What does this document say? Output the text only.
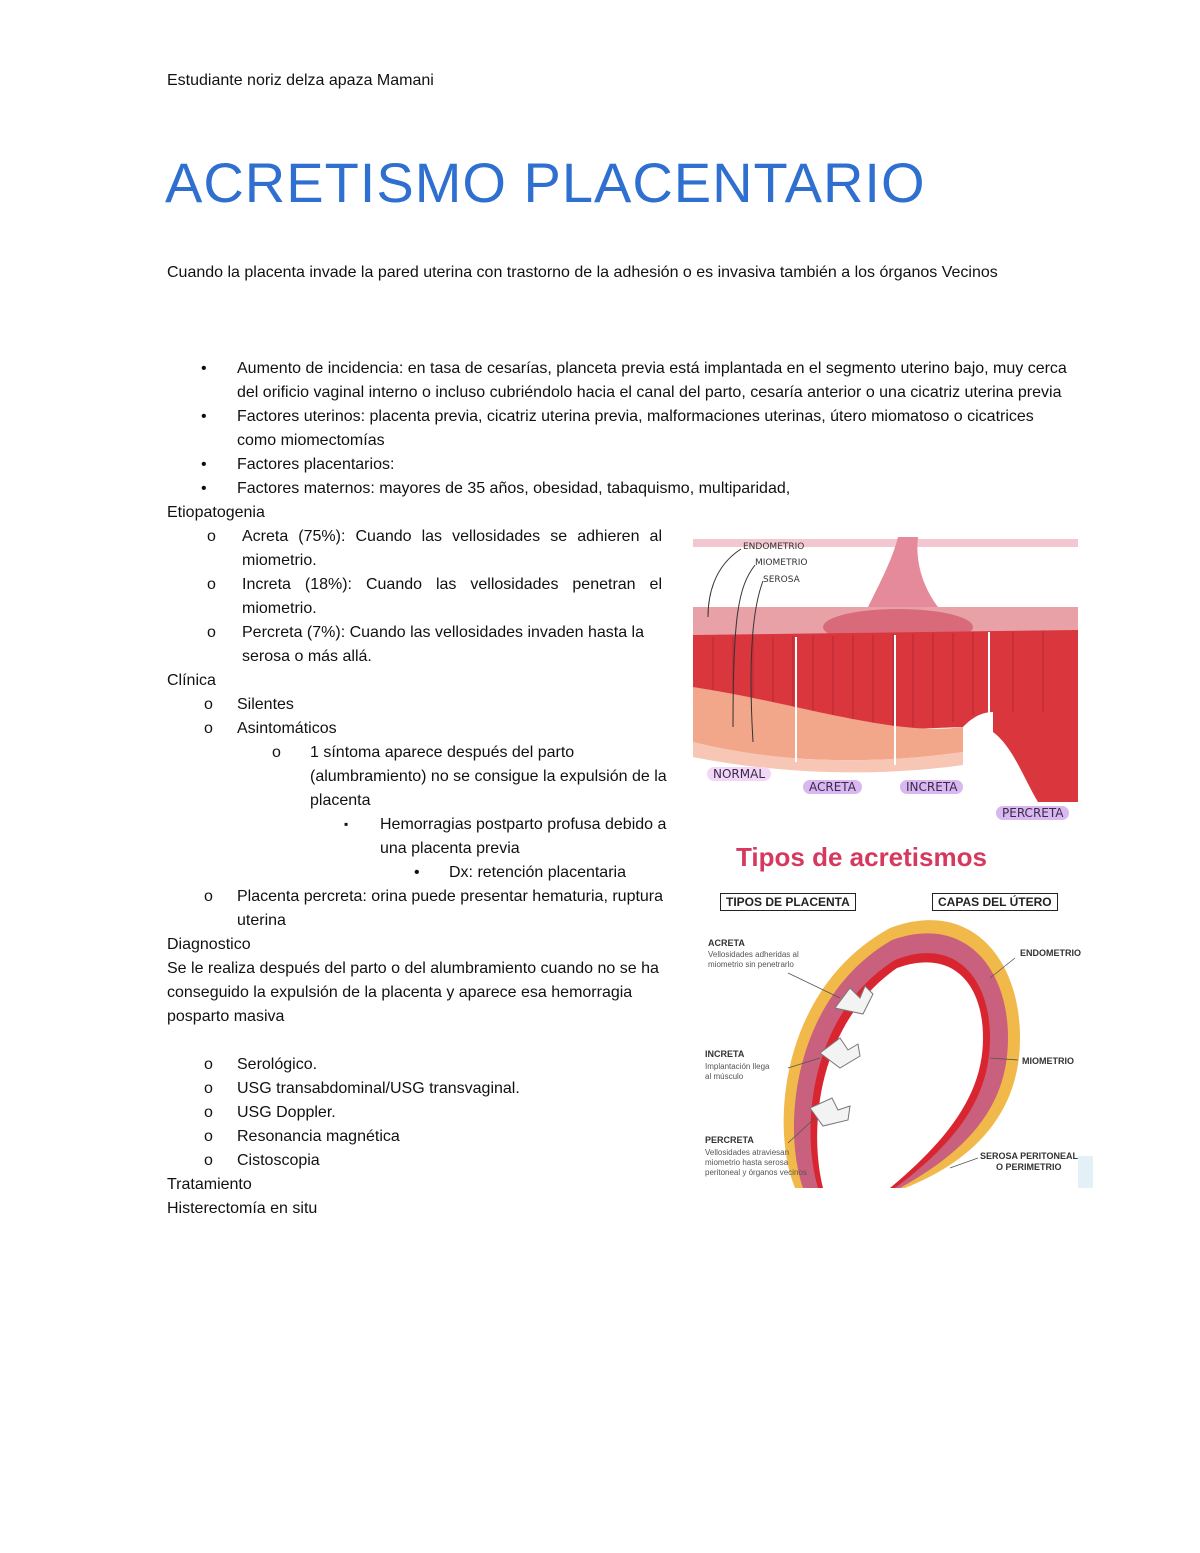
Estudiante noriz delza apaza Mamani
ACRETISMO PLACENTARIO
Cuando la placenta invade la pared uterina con trastorno de la adhesión o es invasiva también a los órganos Vecinos
• Aumento de incidencia: en tasa de cesarías, planceta previa está implantada en el segmento uterino bajo, muy cerca del orificio vaginal interno o incluso cubriéndolo hacia el canal del parto, cesaría anterior o una cicatriz uterina previa
• Factores uterinos: placenta previa, cicatriz uterina previa, malformaciones uterinas, útero miomatoso o cicatrices como miomectomías
• Factores placentarios:
• Factores maternos: mayores de 35 años, obesidad, tabaquismo, multiparidad,
Etiopatogenia
o Acreta (75%): Cuando las vellosidades se adhieren al miometrio.
o Increta (18%): Cuando las vellosidades penetran el miometrio.
o Percreta (7%): Cuando las vellosidades invaden hasta la serosa o más allá.
Clínica
o Silentes
o Asintomáticos
o 1 síntoma aparece después del parto (alumbramiento) no se consigue la expulsión de la placenta
▪ Hemorragias postparto profusa debido a una placenta previa
• Dx: retención placentaria
o Placenta percreta: orina puede presentar hematuria, ruptura uterina
Diagnostico
Se le realiza después del parto o del alumbramiento cuando no se ha conseguido la expulsión de la placenta y aparece esa hemorragia posparto masiva
o Serológico.
o USG transabdominal/USG transvaginal.
o USG Doppler.
o Resonancia magnética
o Cistoscopia
Tratamiento
Histerectomía en situ
ENDOMETRIO
MIOMETRIO
SEROSA
NORMAL
ACRETA	INCRETA
PERCRETA
Tipos de acretismos
TIPOS DE PLACENTA	CAPAS DEL ÚTERO
ACRETA
Vellosidades adheridas al miometrio sin penetrarlo
INCRETA
Implantación llega al músculo
PERCRETA
Vellosidades atraviesan miometrio hasta serosa peritoneal y órganos vecinos
ENDOMETRIO
MIOMETRIO
SEROSA PERITONEAL
O PERIMETRIO
